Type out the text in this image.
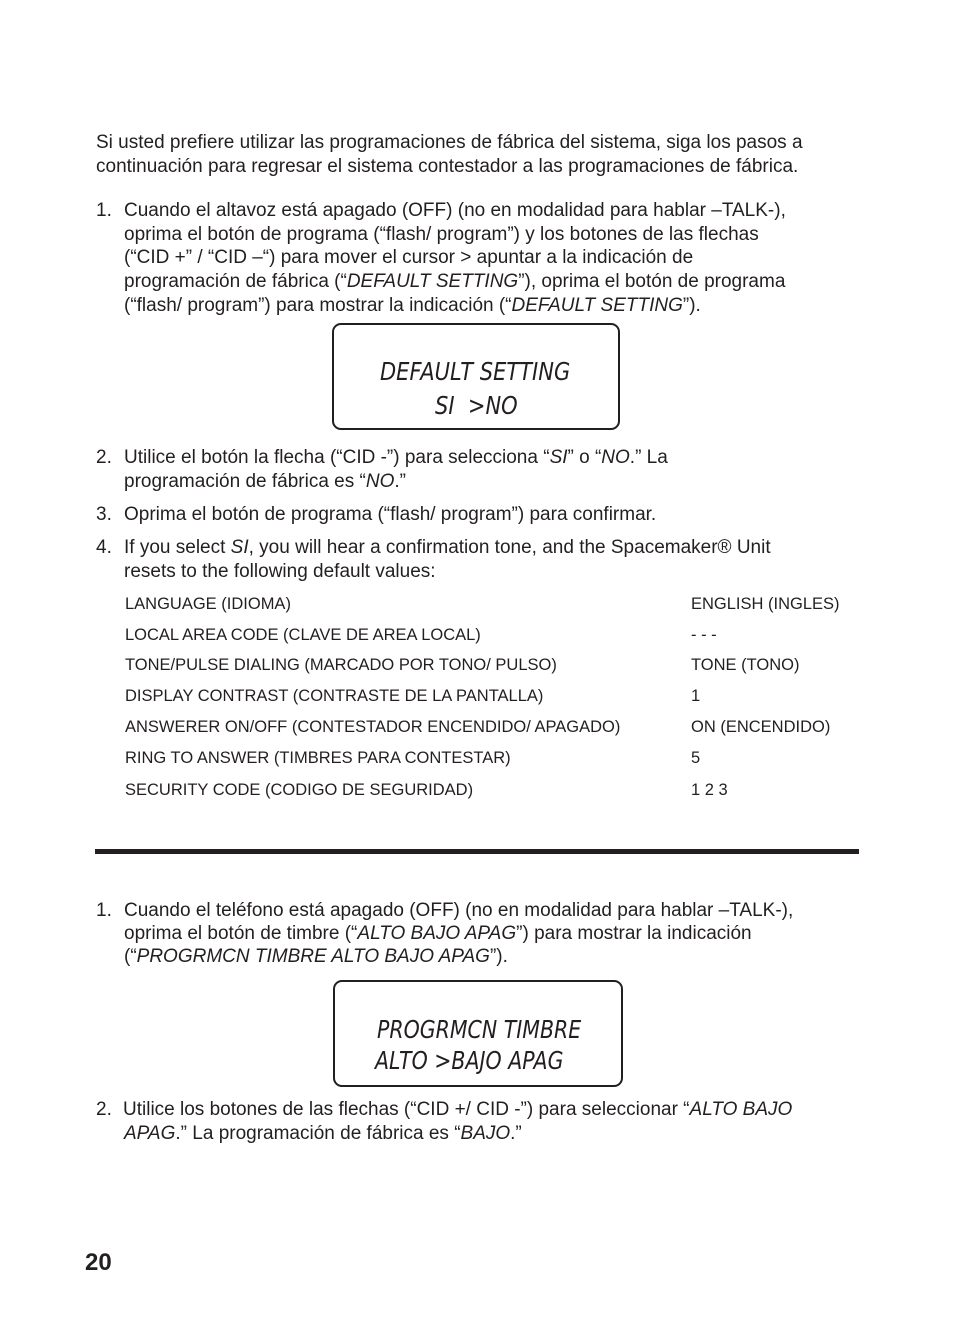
Si usted prefiere utilizar las programaciones de fábrica del sistema, siga los pasos a
continuación para regresar el sistema contestador a las programaciones de fábrica.
1. Cuando el altavoz está apagado (OFF) (no en modalidad para hablar –TALK-),
oprima el botón de programa (“flash/ program”) y los botones de las flechas
(“CID +” / “CID –“) para mover el cursor > apuntar a la indicación de
programación de fábrica (“DEFAULT SETTING”), oprima el botón de programa
(“flash/ program”) para mostrar la indicación (“DEFAULT SETTING”).
DEFAULT SETTING
SI  >NO
2. Utilice el botón la flecha (“CID -”) para selecciona “SI” o “NO.” La
programación de fábrica es “NO.”
3. Oprima el botón de programa (“flash/ program”) para confirmar.
4. If you select SI, you will hear a confirmation tone, and the Spacemaker® Unit
resets to the following default values:
LANGUAGE (IDIOMA)	ENGLISH (INGLES)
LOCAL AREA CODE (CLAVE DE AREA LOCAL)	- - -
TONE/PULSE DIALING (MARCADO POR TONO/ PULSO)	TONE (TONO)
DISPLAY CONTRAST (CONTRASTE DE LA PANTALLA)	1
ANSWERER ON/OFF (CONTESTADOR ENCENDIDO/ APAGADO)	ON (ENCENDIDO)
RING TO ANSWER (TIMBRES PARA CONTESTAR)	5
SECURITY CODE (CODIGO DE SEGURIDAD)	1 2 3
1. Cuando el teléfono está apagado (OFF) (no en modalidad para hablar –TALK-),
oprima el botón de timbre (“ALTO BAJO APAG”) para mostrar la indicación
(“PROGRMCN TIMBRE ALTO BAJO APAG”).
PROGRMCN TIMBRE
ALTO >BAJO APAG
2. Utilice los botones de las flechas (“CID +/ CID -”) para seleccionar “ALTO BAJO
APAG.” La programación de fábrica es “BAJO.”
20
